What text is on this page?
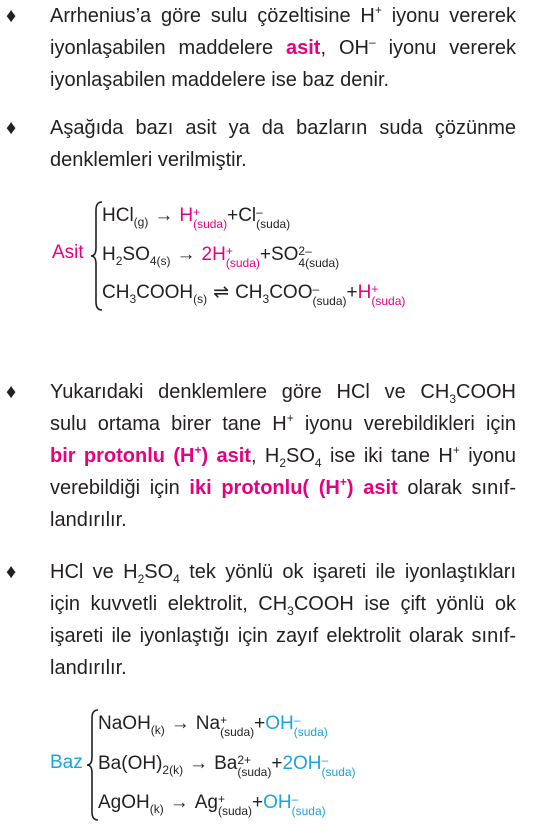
♦ Arrhenius’a göre sulu çözeltisine H+ iyonu vererek
iyonlaşabilen maddelere asit, OH– iyonu vererek
iyonlaşabilen maddelere ise baz denir.
♦ Aşağıda bazı asit ya da bazların suda çözünme
denklemleri verilmiştir.
Asit
HCl$_{(g)}$ → H +
(suda) +Cl –
(suda)
$H_2SO_{4(s)} \to 2H$ +
(suda) +SO 2–
4(suda)
$CH_3COOH_{(s)}$ ⇌ $CH_3COO$ –
(suda) +H +
(suda)
♦ Yukarıdaki denklemlere göre HCl ve $CH_3COOH$
sulu ortama birer tane H+ iyonu verebildikleri için
bir protonlu (H+) asit, $H_2SO_4$ ise iki tane H+ iyonu
verebildiği için iki protonlu( (H+) asit olarak sınıf-
landırılır.
♦ HCl ve $H_2SO_4$ tek yönlü ok işareti ile iyonlaştıkları
için kuvvetli elektrolit, $CH_3COOH$ ise çift yönlü ok
işareti ile iyonlaştığı için zayıf elektrolit olarak sınıf-
landırılır.
Baz
NaOH$_{(k)}$ → Na +
(suda) +OH –
(suda)
$Ba(OH)_{2(k)} \to Ba$ 2+
(suda) +2OH –
(suda)
AgOH$_{(k)}$ → Ag +
(suda) +OH –
(suda)
